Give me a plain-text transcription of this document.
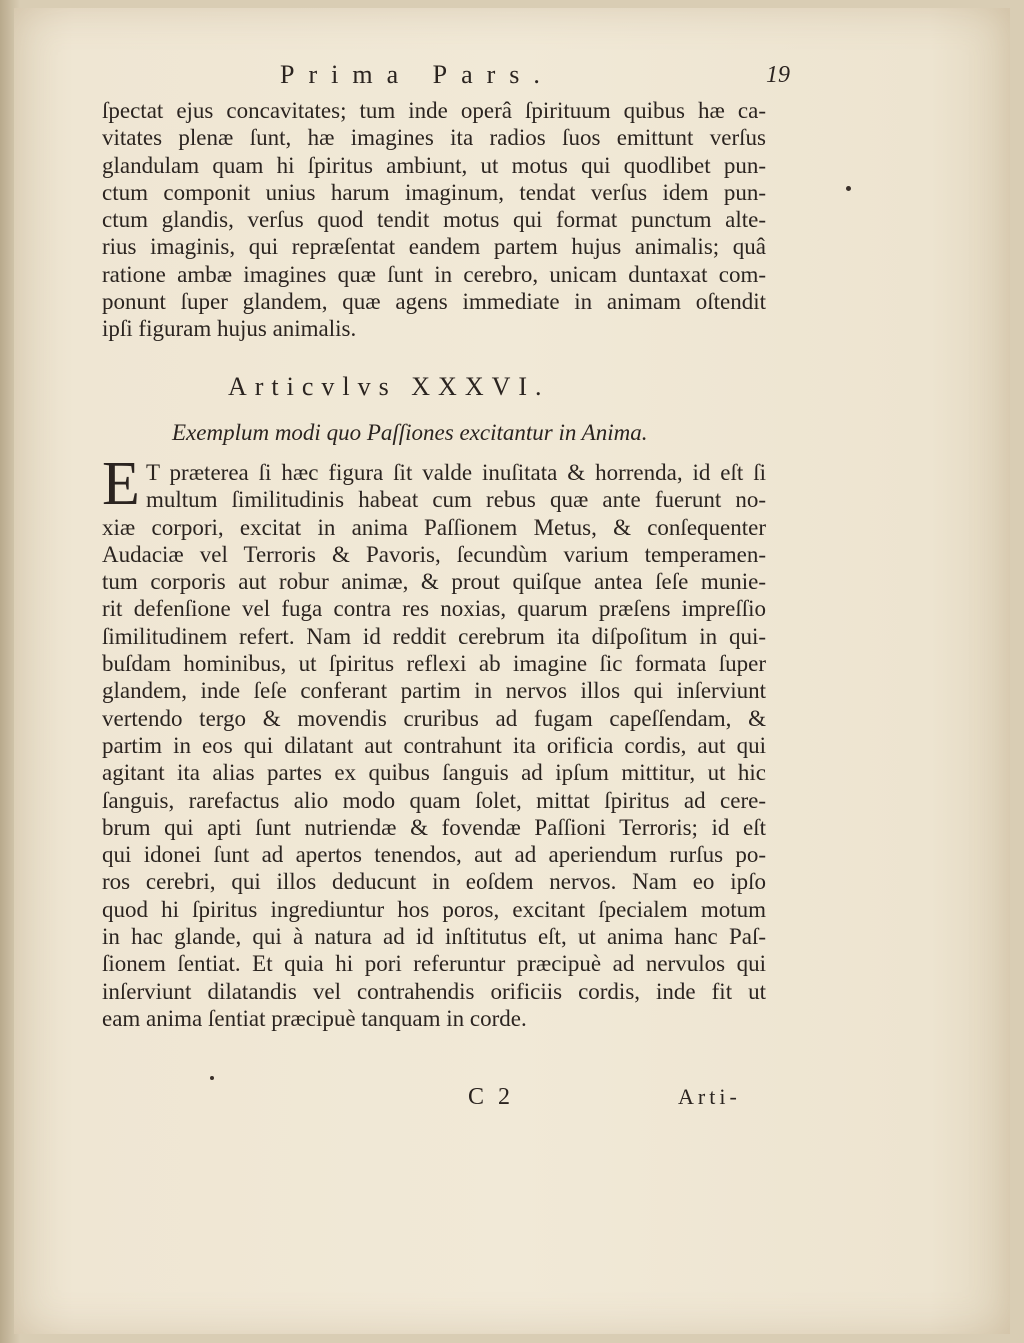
Prima Pars.	19
ſpectat ejus concavitates; tum inde operâ ſpirituum quibus hæ ca-
vitates plenæ ſunt, hæ imagines ita radios ſuos emittunt verſus
glandulam quam hi ſpiritus ambiunt, ut motus qui quodlibet pun-
ctum componit unius harum imaginum, tendat verſus idem pun-
ctum glandis, verſus quod tendit motus qui format punctum alte-
rius imaginis, qui repræſentat eandem partem hujus animalis; quâ
ratione ambæ imagines quæ ſunt in cerebro, unicam duntaxat com-
ponunt ſuper glandem, quæ agens immediate in animam oſtendit
ipſi figuram hujus animalis.
Articvlvs XXXVI.
Exemplum modi quo Paſſiones excitantur in Anima.
E T præterea ſi hæc figura ſit valde inuſitata & horrenda, id eſt ſi
multum ſimilitudinis habeat cum rebus quæ ante fuerunt no-
xiæ corpori, excitat in anima Paſſionem Metus, & conſequenter
Audaciæ vel Terroris & Pavoris, ſecundùm varium temperamen-
tum corporis aut robur animæ, & prout quiſque antea ſeſe munie-
rit defenſione vel fuga contra res noxias, quarum præſens impreſſio
ſimilitudinem refert. Nam id reddit cerebrum ita diſpoſitum in qui-
buſdam hominibus, ut ſpiritus reflexi ab imagine ſic formata ſuper
glandem, inde ſeſe conferant partim in nervos illos qui inſerviunt
vertendo tergo & movendis cruribus ad fugam capeſſendam, &
partim in eos qui dilatant aut contrahunt ita orificia cordis, aut qui
agitant ita alias partes ex quibus ſanguis ad ipſum mittitur, ut hic
ſanguis, rarefactus alio modo quam ſolet, mittat ſpiritus ad cere-
brum qui apti ſunt nutriendæ & fovendæ Paſſioni Terroris; id eſt
qui idonei ſunt ad apertos tenendos, aut ad aperiendum rurſus po-
ros cerebri, qui illos deducunt in eoſdem nervos. Nam eo ipſo
quod hi ſpiritus ingrediuntur hos poros, excitant ſpecialem motum
in hac glande, qui à natura ad id inſtitutus eſt, ut anima hanc Paſ-
ſionem ſentiat. Et quia hi pori referuntur præcipuè ad nervulos qui
inſerviunt dilatandis vel contrahendis orificiis cordis, inde fit ut
eam anima ſentiat præcipuè tanquam in corde.
C 2	Arti-
